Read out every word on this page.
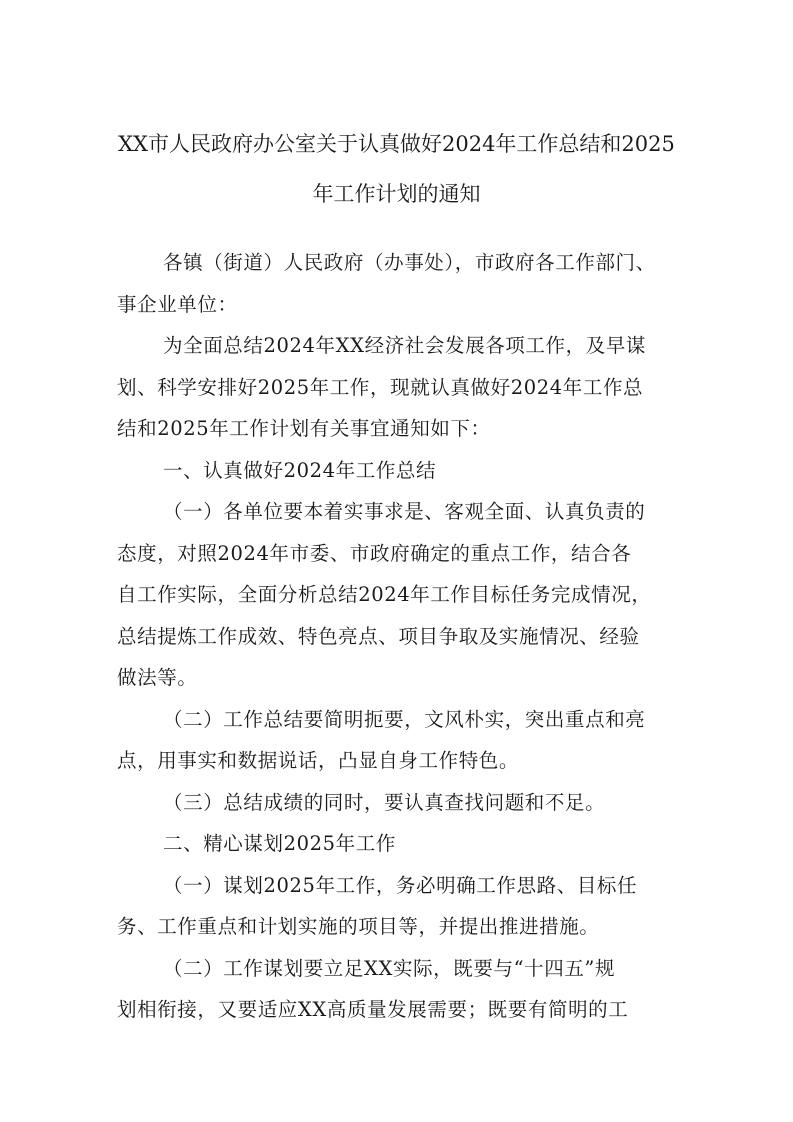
XX市人民政府办公室关于认真做好2024年工作总结和2025
年工作计划的通知
各镇（街道）人民政府（办事处），市政府各工作部门、
事企业单位：
为全面总结2024年XX经济社会发展各项工作，及早谋
划、科学安排好2025年工作，现就认真做好2024年工作总
结和2025年工作计划有关事宜通知如下：
一、认真做好2024年工作总结
（一）各单位要本着实事求是、客观全面、认真负责的
态度，对照2024年市委、市政府确定的重点工作，结合各
自工作实际，全面分析总结2024年工作目标任务完成情况，
总结提炼工作成效、特色亮点、项目争取及实施情况、经验
做法等。
（二）工作总结要简明扼要，文风朴实，突出重点和亮
点，用事实和数据说话，凸显自身工作特色。
（三）总结成绩的同时，要认真查找问题和不足。
二、精心谋划2025年工作
（一）谋划2025年工作，务必明确工作思路、目标任
务、工作重点和计划实施的项目等，并提出推进措施。
（二）工作谋划要立足XX实际，既要与“十四五”规
划相衔接，又要适应XX高质量发展需要；既要有简明的工
